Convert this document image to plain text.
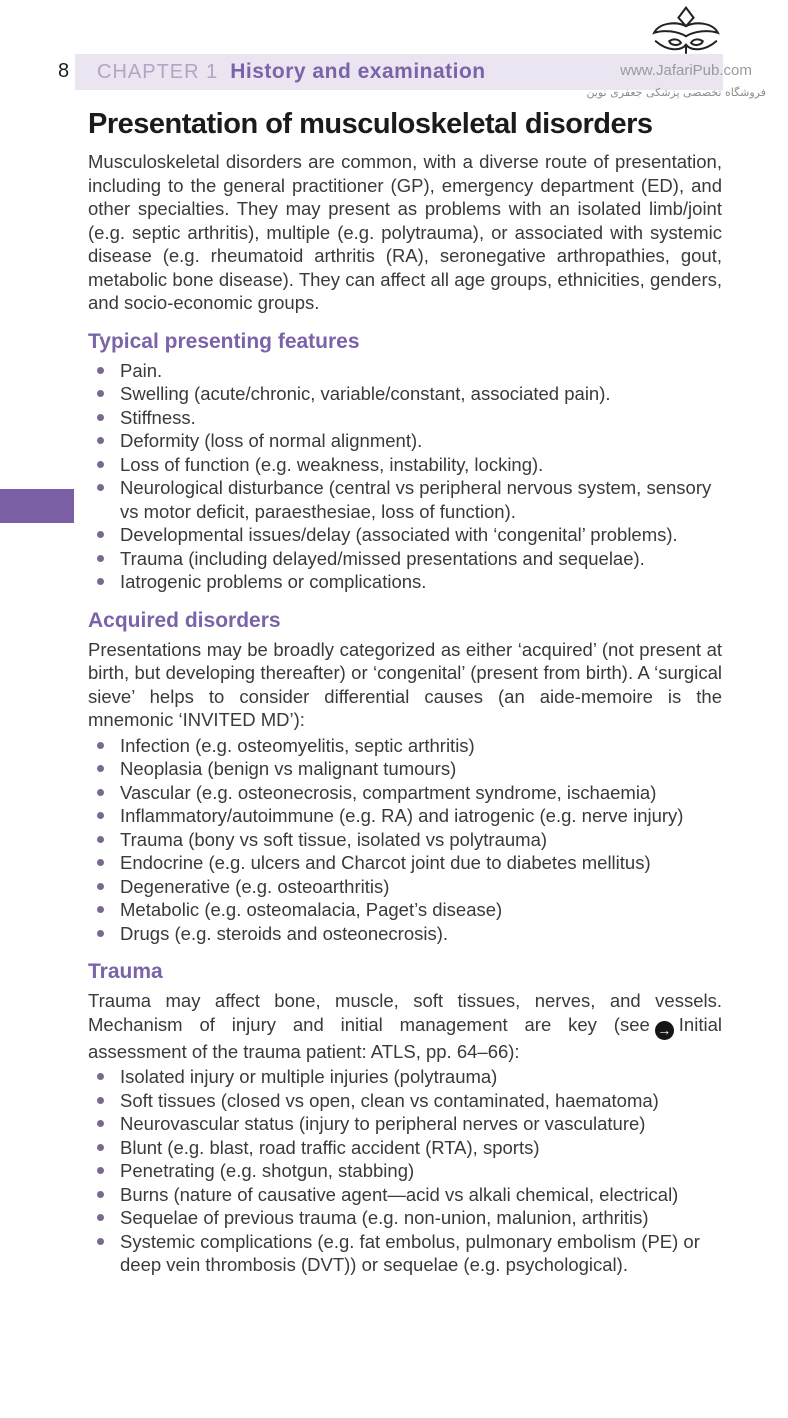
8 CHAPTER 1 History and examination	www.JafariPub.com
فروشگاه تخصصی پزشکی جعفری نوین
Presentation of musculoskeletal disorders

Musculoskeletal disorders are common, with a diverse route of presentation, including to the general practitioner (GP), emergency department (ED), and other specialties. They may present as problems with an isolated limb/joint (e.g. septic arthritis), multiple (e.g. polytrauma), or associated with systemic disease (e.g. rheumatoid arthritis (RA), seronegative arthropathies, gout, metabolic bone disease). They can affect all age groups, ethnicities, genders, and socio-economic groups.

Typical presenting features
Pain.
Swelling (acute/chronic, variable/constant, associated pain).
Stiffness.
Deformity (loss of normal alignment).
Loss of function (e.g. weakness, instability, locking).
Neurological disturbance (central vs peripheral nervous system, sensory vs motor deficit, paraesthesiae, loss of function).
Developmental issues/delay (associated with ‘congenital’ problems).
Trauma (including delayed/missed presentations and sequelae).
Iatrogenic problems or complications.
Acquired disorders

Presentations may be broadly categorized as either ‘acquired’ (not present at birth, but developing thereafter) or ‘congenital’ (present from birth). A ‘surgical sieve’ helps to consider differential causes (an aide-memoire is the mnemonic ‘INVITED MD’):

Infection (e.g. osteomyelitis, septic arthritis)
Neoplasia (benign vs malignant tumours)
Vascular (e.g. osteonecrosis, compartment syndrome, ischaemia)
Inflammatory/autoimmune (e.g. RA) and iatrogenic (e.g. nerve injury)
Trauma (bony vs soft tissue, isolated vs polytrauma)
Endocrine (e.g. ulcers and Charcot joint due to diabetes mellitus)
Degenerative (e.g. osteoarthritis)
Metabolic (e.g. osteomalacia, Paget’s disease)
Drugs (e.g. steroids and osteonecrosis).
Trauma

Trauma may affect bone, muscle, soft tissues, nerves, and vessels. Mechanism of injury and initial management are key (see → Initial assessment of the trauma patient: ATLS, pp. 64–66):

Isolated injury or multiple injuries (polytrauma)
Soft tissues (closed vs open, clean vs contaminated, haematoma)
Neurovascular status (injury to peripheral nerves or vasculature)
Blunt (e.g. blast, road traffic accident (RTA), sports)
Penetrating (e.g. shotgun, stabbing)
Burns (nature of causative agent—acid vs alkali chemical, electrical)
Sequelae of previous trauma (e.g. non-union, malunion, arthritis)
Systemic complications (e.g. fat embolus, pulmonary embolism (PE) or deep vein thrombosis (DVT)) or sequelae (e.g. psychological).
